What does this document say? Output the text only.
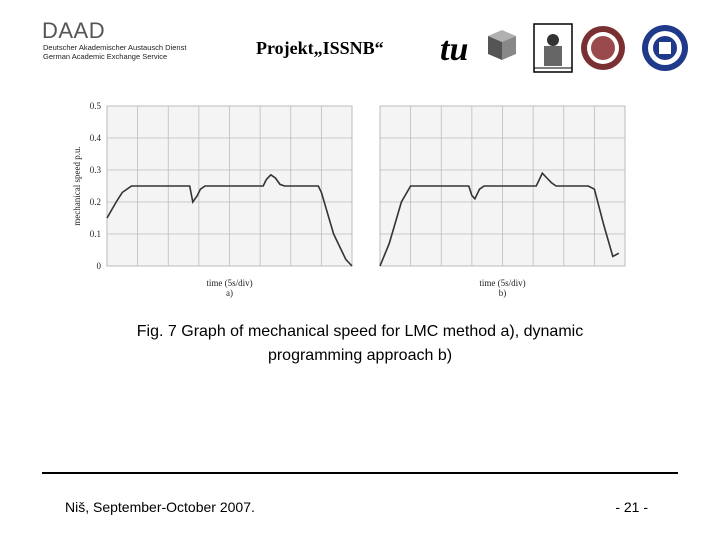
DAAD
Deutscher Akademischer Austausch Dienst
German Academic Exchange Service	Projekt„ISSNB“ tu
0
0.1
0.2
0.3
0.4
0.5
mechanical speed p.u.
time (5s/div)
a)
time (5s/div)
b)
Fig. 7 Graph of mechanical speed for LMC method a), dynamic
programming approach b)
Niš, September-October 2007.	- 21 -
